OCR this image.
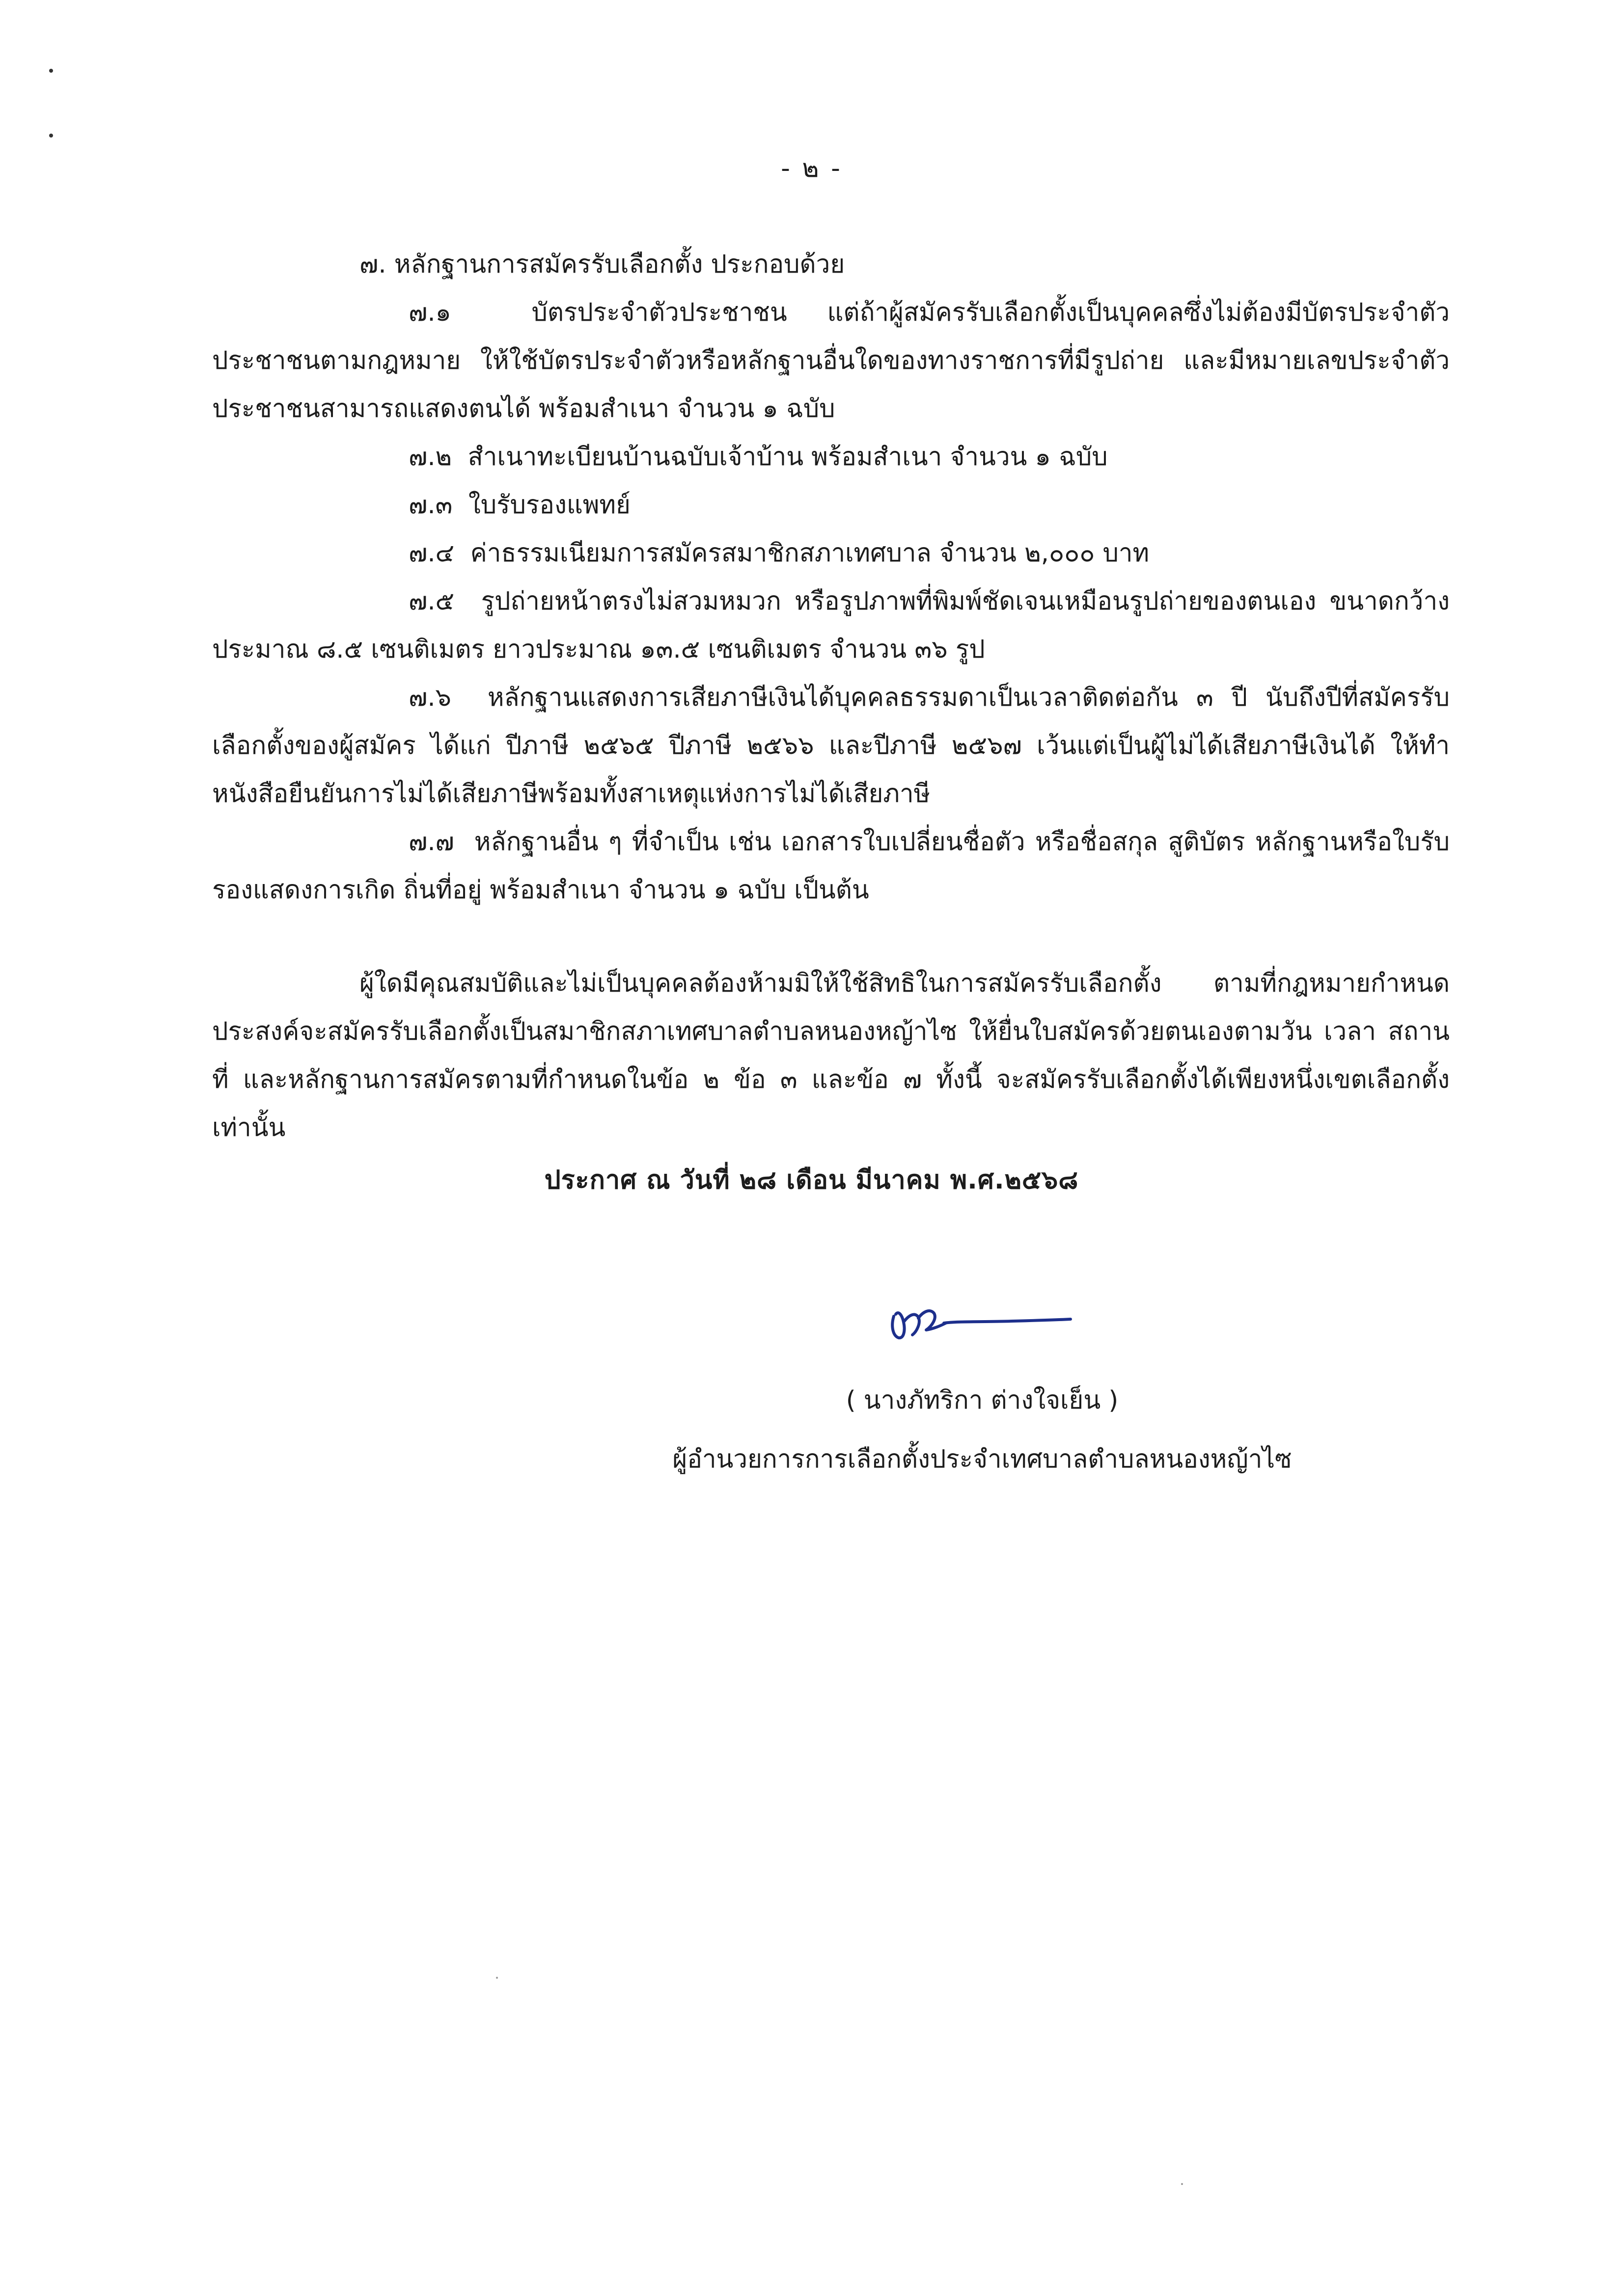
- ๒ -

๗. หลักฐานการสมัครรับเลือกตั้ง ประกอบด้วย

๗.๑	บัตรประจำตัวประชาชน แต่ถ้าผู้สมัครรับเลือกตั้งเป็นบุคคลซึ่งไม่ต้องมีบัตรประจำตัวประชาชนตามกฎหมาย ให้ใช้บัตรประจำตัวหรือหลักฐานอื่นใดของทางราชการที่มีรูปถ่าย และมีหมายเลขประจำตัวประชาชนสามารถแสดงตนได้ พร้อมสำเนา จำนวน ๑ ฉบับ

๗.๒ สำเนาทะเบียนบ้านฉบับเจ้าบ้าน พร้อมสำเนา จำนวน ๑ ฉบับ

๗.๓ ใบรับรองแพทย์

๗.๔ ค่าธรรมเนียมการสมัครสมาชิกสภาเทศบาล จำนวน ๒,๐๐๐ บาท

๗.๕ รูปถ่ายหน้าตรงไม่สวมหมวก หรือรูปภาพที่พิมพ์ชัดเจนเหมือนรูปถ่ายของตนเอง ขนาดกว้างประมาณ ๘.๕ เซนติเมตร ยาวประมาณ ๑๓.๕ เซนติเมตร จำนวน ๓๖ รูป

๗.๖ หลักฐานแสดงการเสียภาษีเงินได้บุคคลธรรมดาเป็นเวลาติดต่อกัน ๓ ปี นับถึงปีที่สมัครรับเลือกตั้งของผู้สมัคร ได้แก่ ปีภาษี ๒๕๖๕ ปีภาษี ๒๕๖๖ และปีภาษี ๒๕๖๗ เว้นแต่เป็นผู้ไม่ได้เสียภาษีเงินได้ ให้ทำหนังสือยืนยันการไม่ได้เสียภาษีพร้อมทั้งสาเหตุแห่งการไม่ได้เสียภาษี

๗.๗ หลักฐานอื่น ๆ ที่จำเป็น เช่น เอกสารใบเปลี่ยนชื่อตัว หรือชื่อสกุล สูติบัตร หลักฐานหรือใบรับรองแสดงการเกิด ถิ่นที่อยู่ พร้อมสำเนา จำนวน ๑ ฉบับ เป็นต้น

ผู้ใดมีคุณสมบัติและไม่เป็นบุคคลต้องห้ามมิให้ใช้สิทธิในการสมัครรับเลือกตั้ง ตามที่กฎหมายกำหนด ประสงค์จะสมัครรับเลือกตั้งเป็นสมาชิกสภาเทศบาลตำบลหนองหญ้าไซ ให้ยื่นใบสมัครด้วยตนเองตามวัน เวลา สถานที่ และหลักฐานการสมัครตามที่กำหนดในข้อ ๒ ข้อ ๓ และข้อ ๗ ทั้งนี้ จะสมัครรับเลือกตั้งได้เพียงหนึ่งเขตเลือกตั้ง เท่านั้น

ประกาศ ณ วันที่ ๒๘ เดือน มีนาคม พ.ศ.๒๕๖๘
( นางภัทริกา ต่างใจเย็น )
ผู้อำนวยการการเลือกตั้งประจำเทศบาลตำบลหนองหญ้าไซ
